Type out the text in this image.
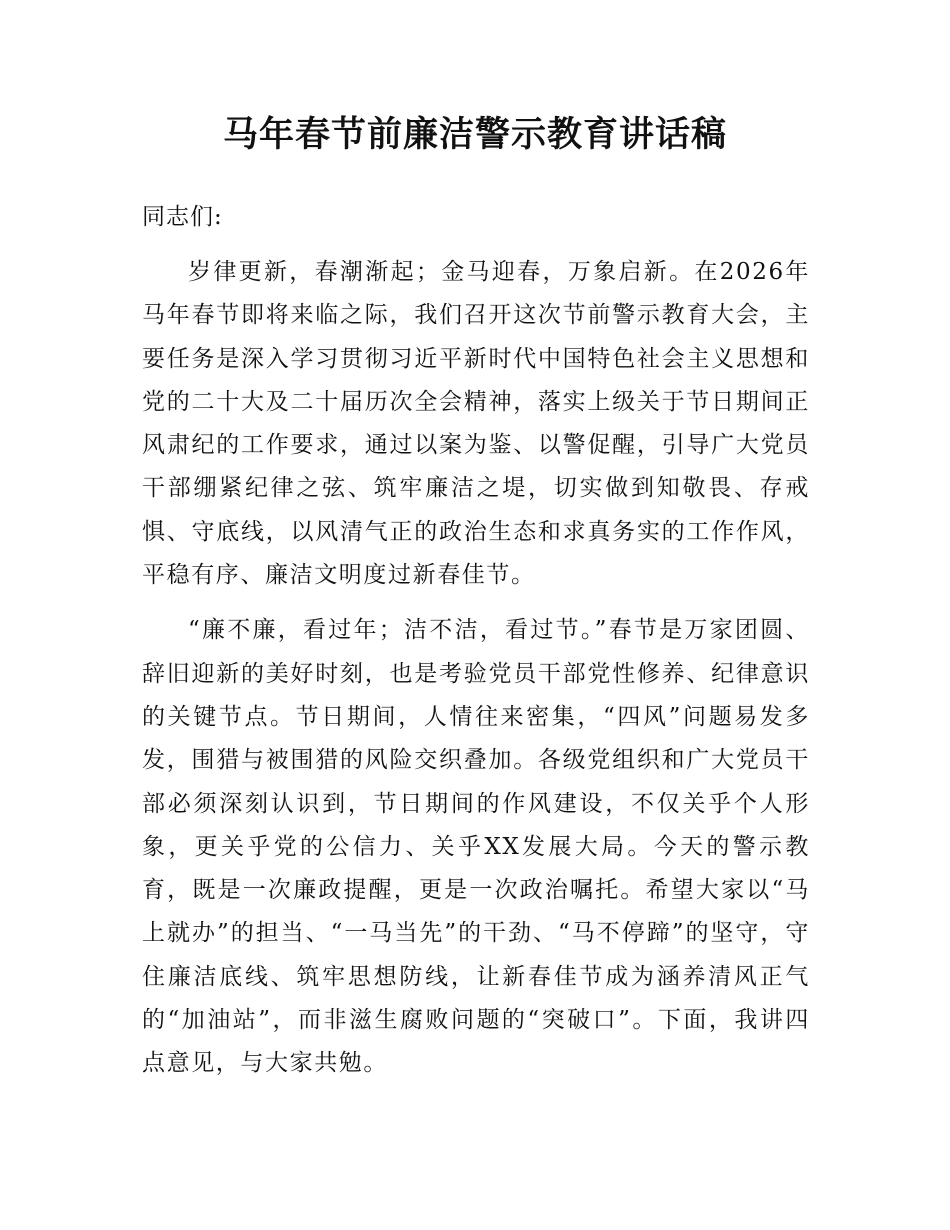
马年春节前廉洁警示教育讲话稿

同志们:

岁律更新，春潮渐起；金马迎春，万象启新。在2026年马年春节即将来临之际，我们召开这次节前警示教育大会，主要任务是深入学习贯彻习近平新时代中国特色社会主义思想和党的二十大及二十届历次全会精神，落实上级关于节日期间正风肃纪的工作要求，通过以案为鉴、以警促醒，引导广大党员干部绷紧纪律之弦、筑牢廉洁之堤，切实做到知敬畏、存戒惧、守底线，以风清气正的政治生态和求真务实的工作作风，平稳有序、廉洁文明度过新春佳节。

“廉不廉，看过年；洁不洁，看过节。”春节是万家团圆、辞旧迎新的美好时刻，也是考验党员干部党性修养、纪律意识的关键节点。节日期间，人情往来密集，“四风”问题易发多发，围猎与被围猎的风险交织叠加。各级党组织和广大党员干部必须深刻认识到，节日期间的作风建设，不仅关乎个人形象，更关乎党的公信力、关乎XX发展大局。今天的警示教育，既是一次廉政提醒，更是一次政治嘱托。希望大家以“马上就办”的担当、“一马当先”的干劲、“马不停蹄”的坚守，守住廉洁底线、筑牢思想防线，让新春佳节成为涵养清风正气的“加油站”，而非滋生腐败问题的“突破口”。下面，我讲四点意见，与大家共勉。
